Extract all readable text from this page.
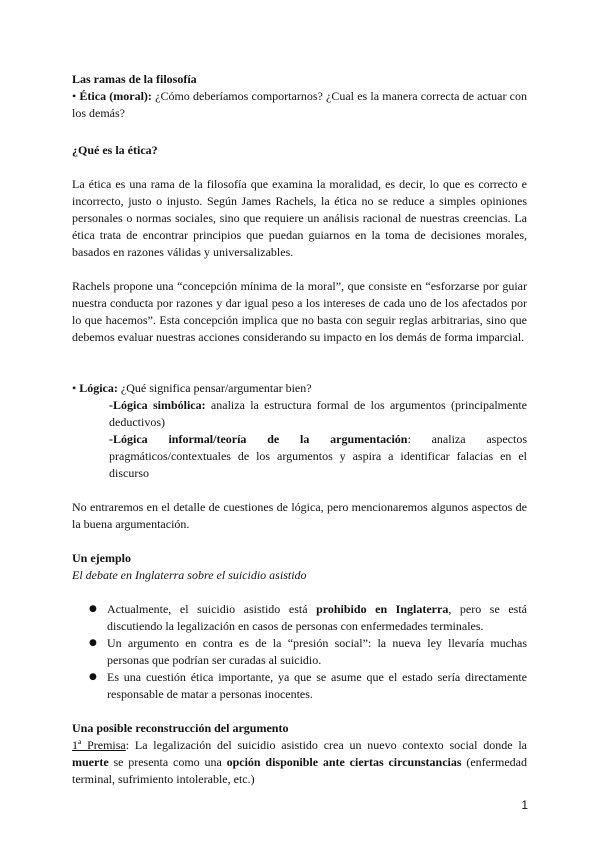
Las ramas de la filosofía

• Ética (moral): ¿Cómo deberíamos comportarnos? ¿Cual es la manera correcta de actuar con los demás?

¿Qué es la ética?

La ética es una rama de la filosofía que examina la moralidad, es decir, lo que es correcto e incorrecto, justo o injusto. Según James Rachels, la ética no se reduce a simples opiniones personales o normas sociales, sino que requiere un análisis racional de nuestras creencias. La ética trata de encontrar principios que puedan guiarnos en la toma de decisiones morales, basados en razones válidas y universalizables.

Rachels propone una “concepción mínima de la moral”, que consiste en “esforzarse por guiar nuestra conducta por razones y dar igual peso a los intereses de cada uno de los afectados por lo que hacemos”. Esta concepción implica que no basta con seguir reglas arbitrarias, sino que debemos evaluar nuestras acciones considerando su impacto en los demás de forma imparcial.

• Lógica: ¿Qué significa pensar/argumentar bien?

-Lógica simbólica: analiza la estructura formal de los argumentos (principalmente deductivos)

-Lógica informal/teoría de la argumentación: analiza aspectos pragmáticos/contextuales de los argumentos y aspira a identificar falacias en el discurso

No entraremos en el detalle de cuestiones de lógica, pero mencionaremos algunos aspectos de la buena argumentación.

Un ejemplo

El debate en Inglaterra sobre el suicidio asistido

● Actualmente, el suicidio asistido está prohibido en Inglaterra, pero se está discutiendo la legalización en casos de personas con enfermedades terminales.
● Un argumento en contra es de la “presión social”: la nueva ley llevaría muchas personas que podrían ser curadas al suicidio.
● Es una cuestión ética importante, ya que se asume que el estado sería directamente responsable de matar a personas inocentes.

Una posible reconstrucción del argumento

1ª Premisa: La legalización del suicidio asistido crea un nuevo contexto social donde la muerte se presenta como una opción disponible ante ciertas circunstancias (enfermedad terminal, sufrimiento intolerable, etc.)

1
